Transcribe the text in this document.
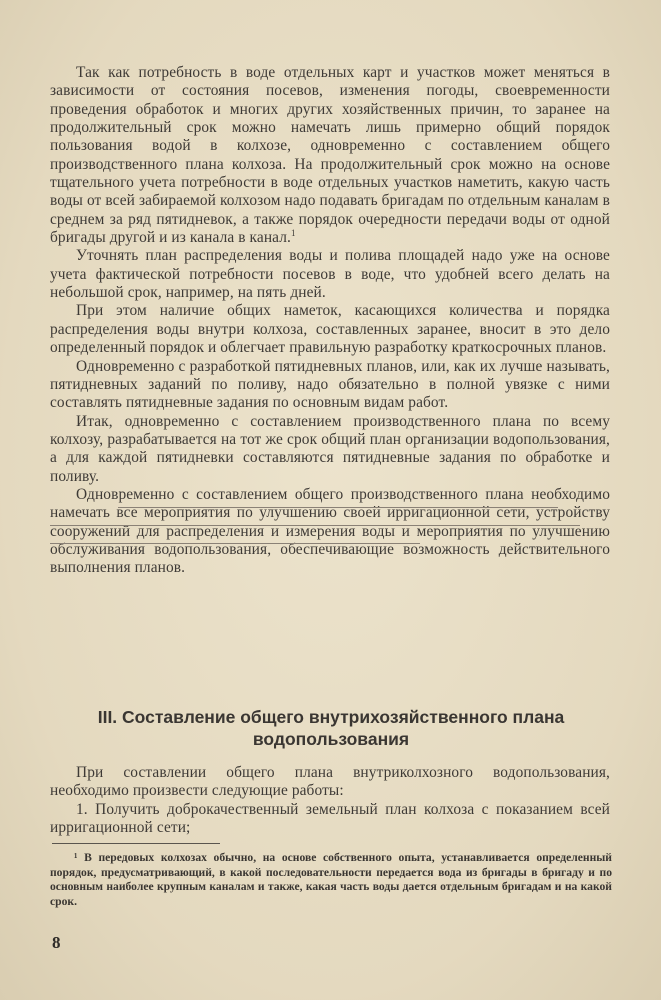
Так как потребность в воде отдельных карт и участков может меняться в зависимости от состояния посевов, изменения погоды, своевременности проведения обработок и многих других хозяйственных причин, то заранее на продолжительный срок можно намечать лишь примерно общий порядок пользования водой в колхозе, одновременно с составлением общего производственного плана колхоза. На продолжительный срок можно на основе тщательного учета потребности в воде отдельных участков наметить, какую часть воды от всей забираемой колхозом надо подавать бригадам по отдельным каналам в среднем за ряд пятидневок, а также порядок очередности передачи воды от одной бригады другой и из канала в канал.$^1$

Уточнять план распределения воды и полива площадей надо уже на основе учета фактической потребности посевов в воде, что удобней всего делать на небольшой срок, например, на пять дней.

При этом наличие общих наметок, касающихся количества и порядка распределения воды внутри колхоза, составленных заранее, вносит в это дело определенный порядок и облегчает правильную разработку краткосрочных планов.

Одновременно с разработкой пятидневных планов, или, как их лучше называть, пятидневных заданий по поливу, надо обязательно в полной увязке с ними составлять пятидневные задания по основным видам работ.

Итак, одновременно с составлением производственного плана по всему колхозу, разрабатывается на тот же срок общий план организации водопользования, а для каждой пятидневки составляются пятидневные задания по обработке и поливу.

Одновременно с составлением общего производственного плана необходимо намечать все мероприятия по улучшению своей ирригационной сети, устройству сооружений для распределения и измерения воды и мероприятия по улучшению обслуживания водопользования, обеспечивающие возможность действительного выполнения планов.

III. Составление общего внутрихозяйственного плана водопользования

При составлении общего плана внутриколхозного водопользования, необходимо произвести следующие работы:

1. Получить доброкачественный земельный план колхоза с показанием всей ирригационной сети;

¹ В передовых колхозах обычно, на основе собственного опыта, устанавливается определенный порядок, предусматривающий, в какой последовательности передается вода из бригады в бригаду и по основным наиболее крупным каналам и также, какая часть воды дается отдельным бригадам и на какой срок.

8
